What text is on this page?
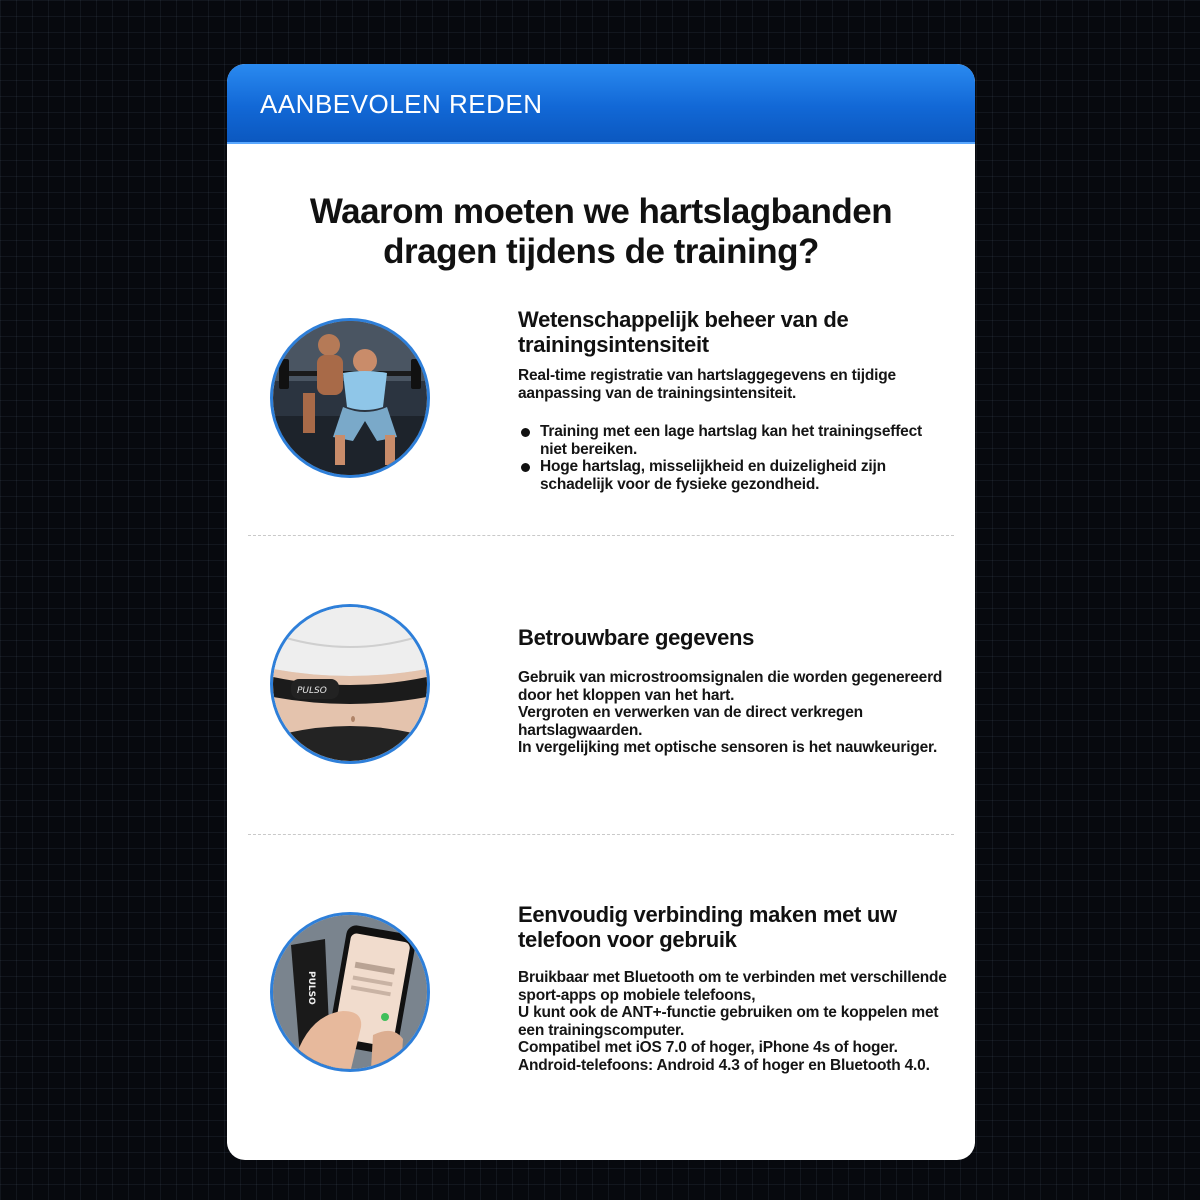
AANBEVOLEN REDEN
Waarom moeten we hartslagbanden
dragen tijdens de training?
Wetenschappelijk beheer van de
trainingsintensiteit

Real-time registratie van hartslaggegevens en tijdige

aanpassing van de trainingsintensiteit.

Training met een lage hartslag kan het trainingseffect
niet bereiken.
Hoge hartslag, misselijkheid en duizeligheid zijn
schadelijk voor de fysieke gezondheid.
PULSO
Betrouwbare gegevens

Gebruik van microstroomsignalen die worden gegenereerd

door het kloppen van het hart.

Vergroten en verwerken van de direct verkregen

hartslagwaarden.

In vergelijking met optische sensoren is het nauwkeuriger.

PULSO
Eenvoudig verbinding maken met uw
telefoon voor gebruik

Bruikbaar met Bluetooth om te verbinden met verschillende

sport-apps op mobiele telefoons,

U kunt ook de ANT+-functie gebruiken om te koppelen met

een trainingscomputer.

Compatibel met iOS 7.0 of hoger, iPhone 4s of hoger.

Android-telefoons: Android 4.3 of hoger en Bluetooth 4.0.
